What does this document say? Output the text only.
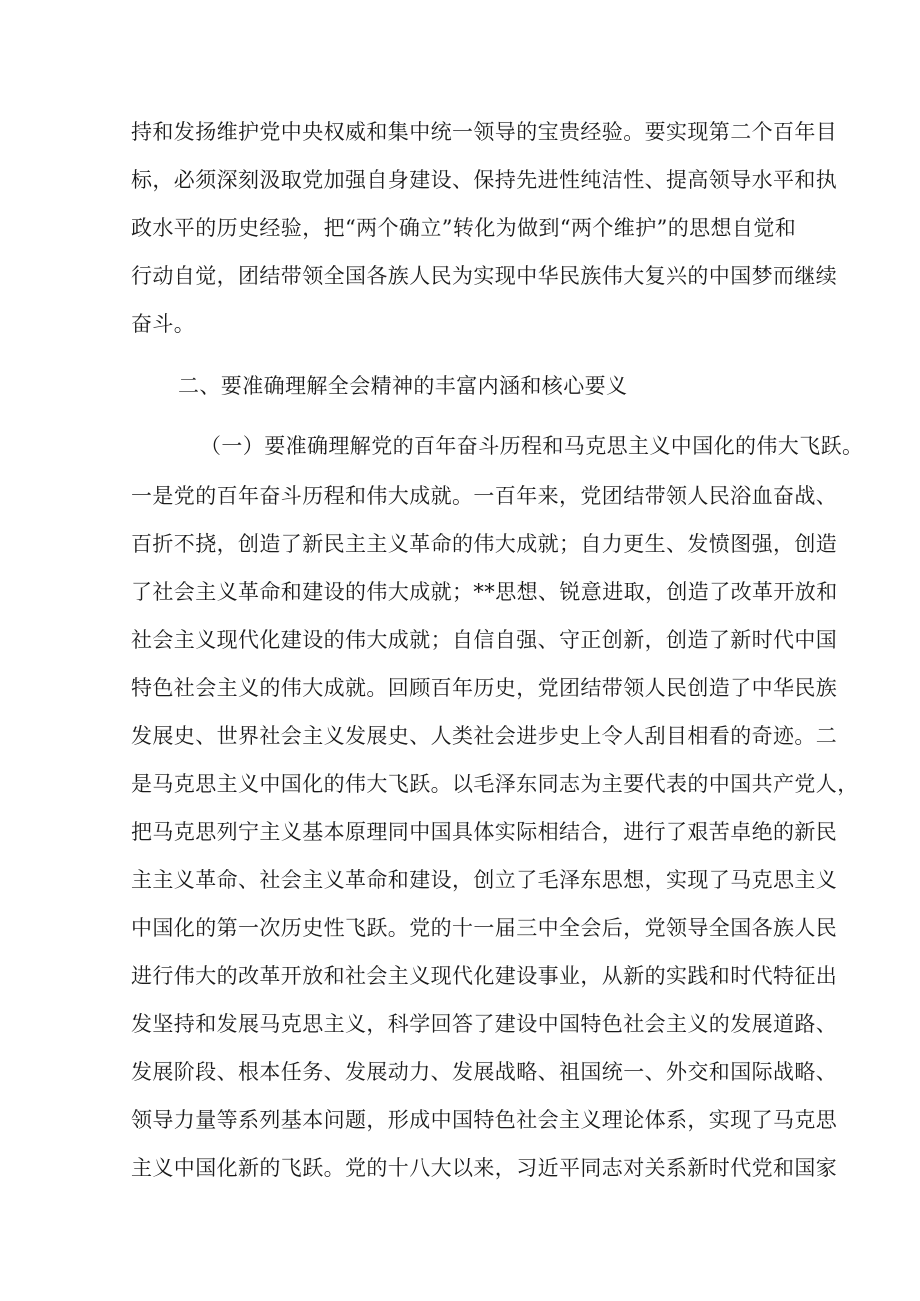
持和发扬维护党中央权威和集中统一领导的宝贵经验。要实现第二个百年目
标，必须深刻汲取党加强自身建设、保持先进性纯洁性、提高领导水平和执
政水平的历史经验，把“两个确立”转化为做到“两个维护”的思想自觉和
行动自觉，团结带领全国各族人民为实现中华民族伟大复兴的中国梦而继续
奋斗。
二、要准确理解全会精神的丰富内涵和核心要义
（一）要准确理解党的百年奋斗历程和马克思主义中国化的伟大飞跃。
一是党的百年奋斗历程和伟大成就。一百年来，党团结带领人民浴血奋战、
百折不挠，创造了新民主主义革命的伟大成就；自力更生、发愤图强，创造
了社会主义革命和建设的伟大成就；**思想、锐意进取，创造了改革开放和
社会主义现代化建设的伟大成就；自信自强、守正创新，创造了新时代中国
特色社会主义的伟大成就。回顾百年历史，党团结带领人民创造了中华民族
发展史、世界社会主义发展史、人类社会进步史上令人刮目相看的奇迹。二
是马克思主义中国化的伟大飞跃。以毛泽东同志为主要代表的中国共产党人，
把马克思列宁主义基本原理同中国具体实际相结合，进行了艰苦卓绝的新民
主主义革命、社会主义革命和建设，创立了毛泽东思想，实现了马克思主义
中国化的第一次历史性飞跃。党的十一届三中全会后，党领导全国各族人民
进行伟大的改革开放和社会主义现代化建设事业，从新的实践和时代特征出
发坚持和发展马克思主义，科学回答了建设中国特色社会主义的发展道路、
发展阶段、根本任务、发展动力、发展战略、祖国统一、外交和国际战略、
领导力量等系列基本问题，形成中国特色社会主义理论体系，实现了马克思
主义中国化新的飞跃。党的十八大以来，习近平同志对关系新时代党和国家
